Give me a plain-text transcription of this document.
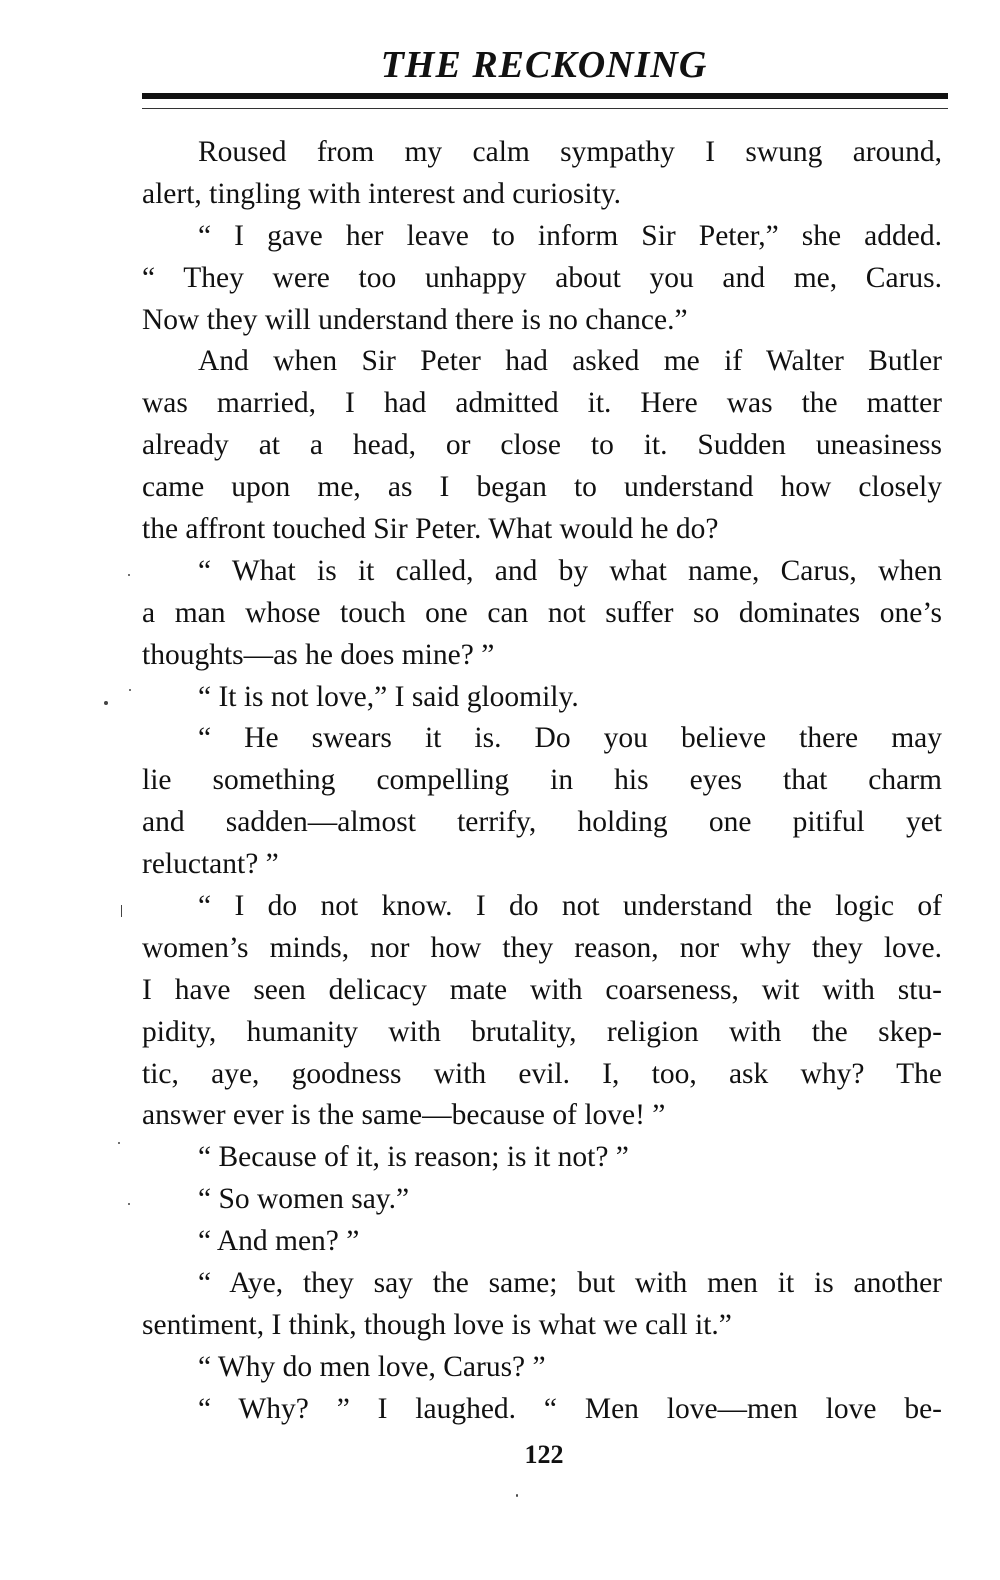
THE RECKONING
Roused from my calm sympathy I swung around,
alert, tingling with interest and curiosity.
“ I gave her leave to inform Sir Peter,” she added.
“ They were too unhappy about you and me, Carus.
Now they will understand there is no chance.”
And when Sir Peter had asked me if Walter Butler
was married, I had admitted it. Here was the matter
already at a head, or close to it. Sudden uneasiness
came upon me, as I began to understand how closely
the affront touched Sir Peter. What would he do?
“ What is it called, and by what name, Carus, when
a man whose touch one can not suffer so dominates one’s
thoughts—as he does mine? ”
“ It is not love,” I said gloomily.
“ He swears it is. Do you believe there may
lie something compelling in his eyes that charm
and sadden—almost terrify, holding one pitiful yet
reluctant? ”
“ I do not know. I do not understand the logic of
women’s minds, nor how they reason, nor why they love.
I have seen delicacy mate with coarseness, wit with stu-
pidity, humanity with brutality, religion with the skep-
tic, aye, goodness with evil. I, too, ask why? The
answer ever is the same—because of love! ”
“ Because of it, is reason; is it not? ”
“ So women say.”
“ And men? ”
“ Aye, they say the same; but with men it is another
sentiment, I think, though love is what we call it.”
“ Why do men love, Carus? ”
“ Why? ” I laughed. “ Men love—men love be-
122
